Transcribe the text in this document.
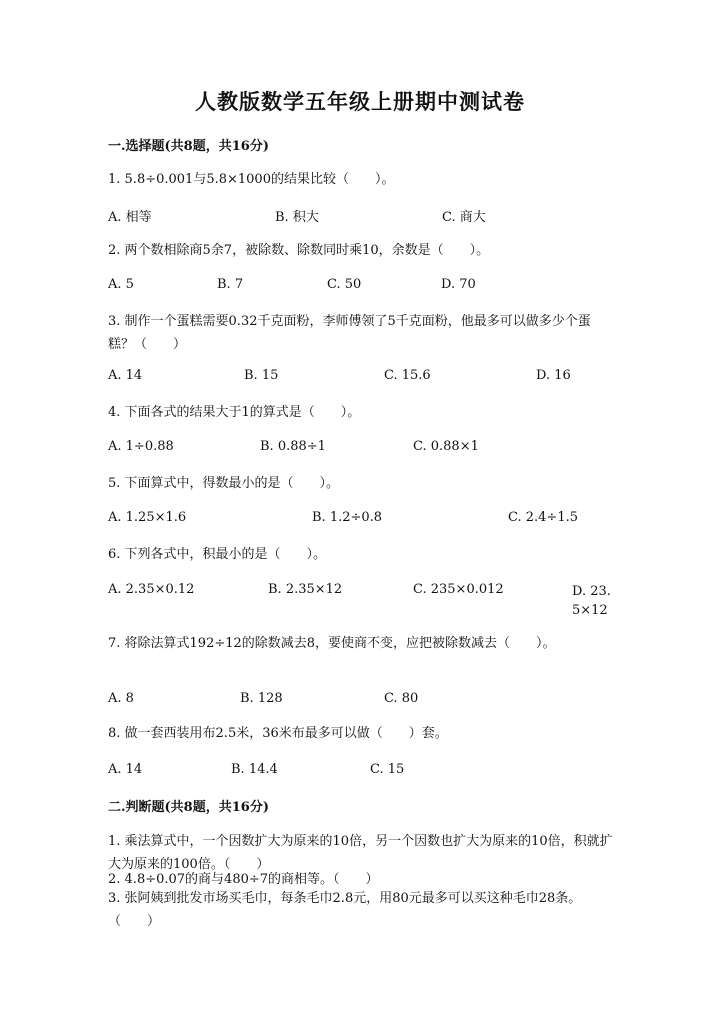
人教版数学五年级上册期中测试卷
一.选择题(共8题，共16分)
1. 5.8÷0.001与5.8×1000的结果比较（　　）。
A. 相等	B. 积大	C. 商大
2. 两个数相除商5余7，被除数、除数同时乘10，余数是（　　）。
A. 5	B. 7	C. 50	D. 70
3. 制作一个蛋糕需要0.32千克面粉，李师傅领了5千克面粉，他最多可以做多少个蛋糕？（　　）
A. 14	B. 15	C. 15.6	D. 16
4. 下面各式的结果大于1的算式是（　　）。
A. 1÷0.88	B. 0.88÷1	C. 0.88×1
5. 下面算式中，得数最小的是（　　）。
A. 1.25×1.6	B. 1.2÷0.8	C. 2.4÷1.5
6. 下列各式中，积最小的是（　　）。
A. 2.35×0.12	B. 2.35×12	C. 235×0.012	D. 23.5×12
7. 将除法算式192÷12的除数减去8，要使商不变，应把被除数减去（　　）。
A. 8	B. 128	C. 80
8. 做一套西装用布2.5米，36米布最多可以做（　　）套。
A. 14	B. 14.4	C. 15
二.判断题(共8题，共16分)
1. 乘法算式中，一个因数扩大为原来的10倍，另一个因数也扩大为原来的10倍，积就扩大为原来的100倍。（　　）
2. 4.8÷0.07的商与480÷7的商相等。（　　）
3. 张阿姨到批发市场买毛巾，每条毛巾2.8元，用80元最多可以买这种毛巾28条。（　　）
